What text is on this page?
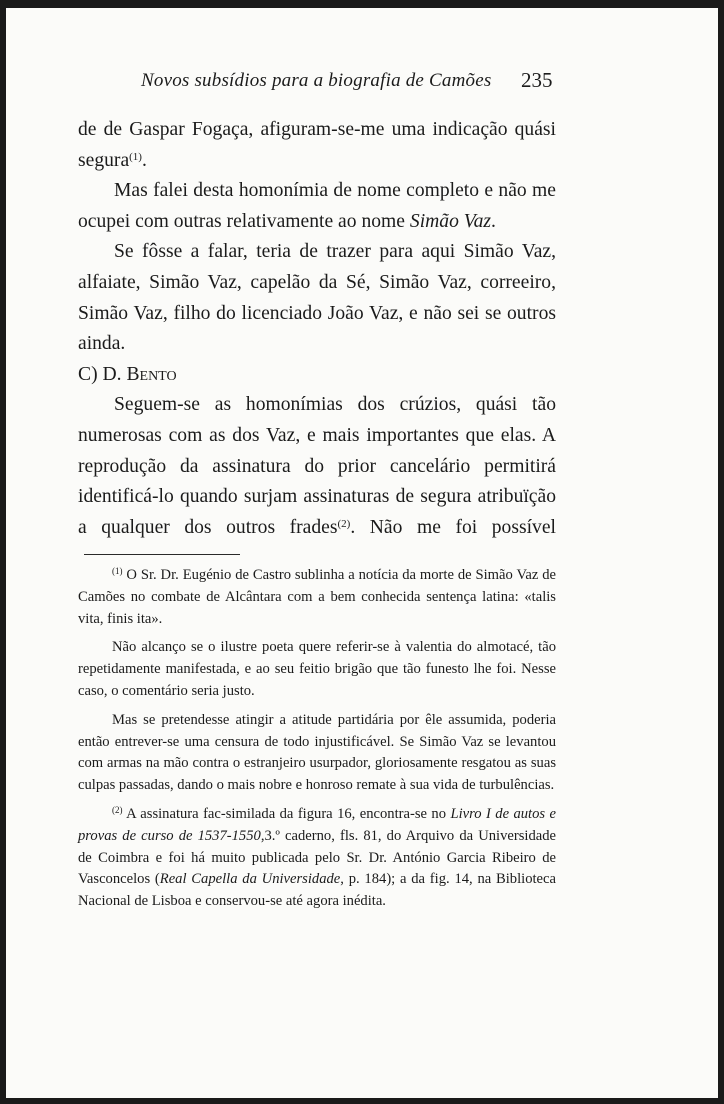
Novos subsídios para a biografia de Camões 235

de de Gaspar Fogaça, afiguram-se-me uma indicação quási segura$^{(1)}$.

Mas falei desta homonímia de nome completo e não me ocupei com outras relativamente ao nome Simão Vaz.

Se fôsse a falar, teria de trazer para aqui Simão Vaz, alfaiate, Simão Vaz, capelão da Sé, Simão Vaz, correeiro, Simão Vaz, filho do licenciado João Vaz, e não sei se outros ainda.

C) D. Bento

Seguem-se as homonímias dos crúzios, quási tão numerosas com as dos Vaz, e mais importantes que elas. A reprodução da assinatura do prior cancelário permitirá identificá-lo quando surjam assinaturas de segura atribuïção a qualquer dos outros frades$^{(2)}$. Não me foi possível

$^{(1)}$ O Sr. Dr. Eugénio de Castro sublinha a notícia da morte de Simão Vaz de Camões no combate de Alcântara com a bem conhecida sentença latina: «talis vita, finis ita».

Não alcanço se o ilustre poeta quere referir-se à valentia do almotacé, tão repetidamente manifestada, e ao seu feitio brigão que tão funesto lhe foi. Nesse caso, o comentário seria justo.

Mas se pretendesse atingir a atitude partidária por êle assumida, poderia então entrever-se uma censura de todo injustificável. Se Simão Vaz se levantou com armas na mão contra o estranjeiro usurpador, gloriosamente resgatou as suas culpas passadas, dando o mais nobre e honroso remate à sua vida de turbulências.

$^{(2)}$ A assinatura fac-similada da figura 16, encontra-se no Livro I de autos e provas de curso de 1537-1550,3.º caderno, fls. 81, do Arquivo da Universidade de Coimbra e foi há muito publicada pelo Sr. Dr. António Garcia Ribeiro de Vasconcelos (Real Capella da Universidade, p. 184); a da fig. 14, na Biblioteca Nacional de Lisboa e conservou-se até agora inédita.
